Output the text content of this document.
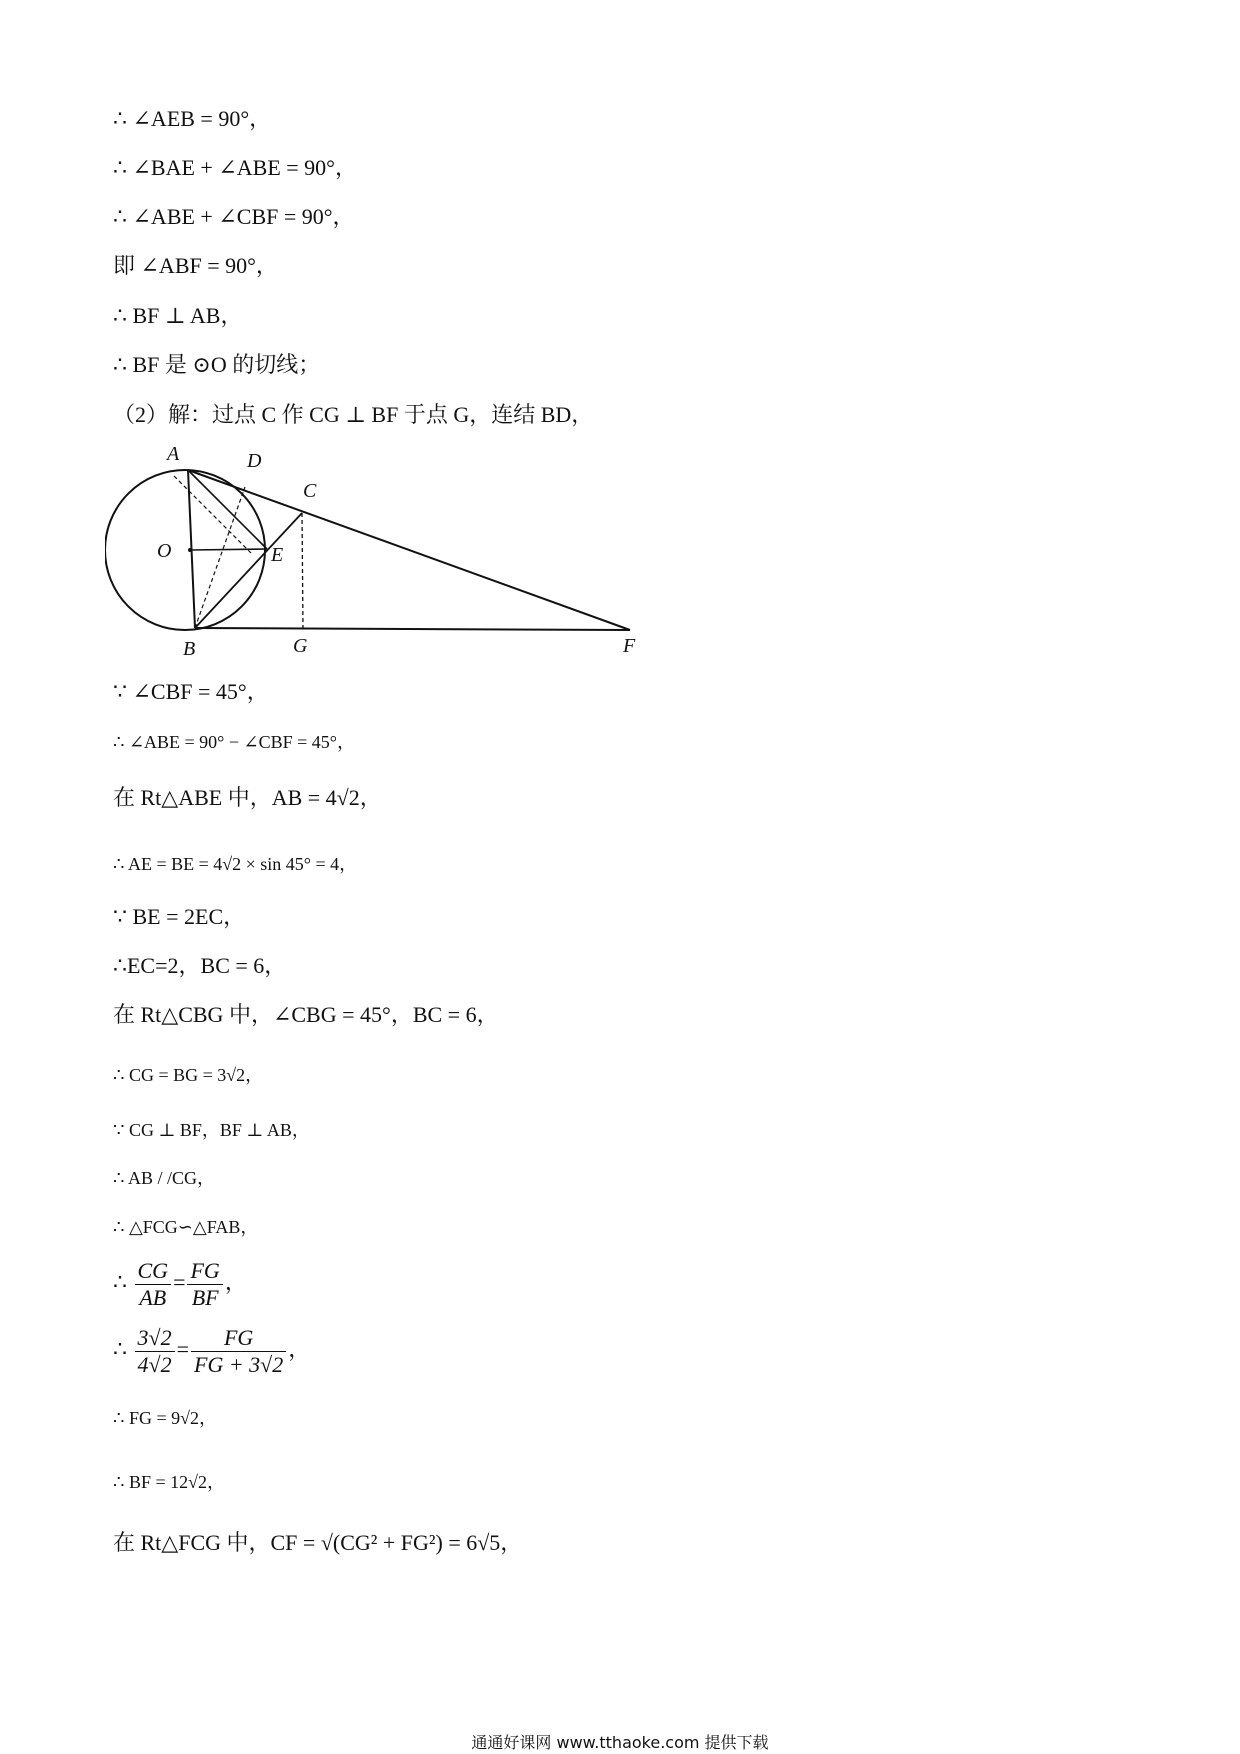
∴ ∠AEB = 90°，
∴ ∠BAE + ∠ABE = 90°，
∴ ∠ABE + ∠CBF = 90°，
即 ∠ABF = 90°，
∴ BF ⊥ AB，
∴ BF 是 ⊙O 的切线；
（2）解：过点 C 作 CG ⊥ BF 于点 G，连结 BD，
A	D
C
O	E
B	G	F
∵ ∠CBF = 45°，
∴ ∠ABE = 90° − ∠CBF = 45°，
在 Rt△ABE 中，AB = 4√2，
∴ AE = BE = 4√2 × sin 45° = 4，
∵ BE = 2EC，
∴EC=2，BC = 6，
在 Rt△CBG 中，∠CBG = 45°，BC = 6，
∴ CG = BG = 3√2，
∵ CG ⊥ BF，BF ⊥ AB，
∴ AB / /CG，
∴ △FCG∽△FAB，
∴ $\frac{CG}{AB} = \frac{FG}{BF}$ ，
∴ $\frac{3√2}{4√2} = \frac{FG}{FG + 3√2}$ ，
∴ FG = 9√2，
∴ BF = 12√2，
在 Rt△FCG 中，CF = √(CG² + FG²) = 6√5，
通通好课网 www.tthaoke.com 提供下载
